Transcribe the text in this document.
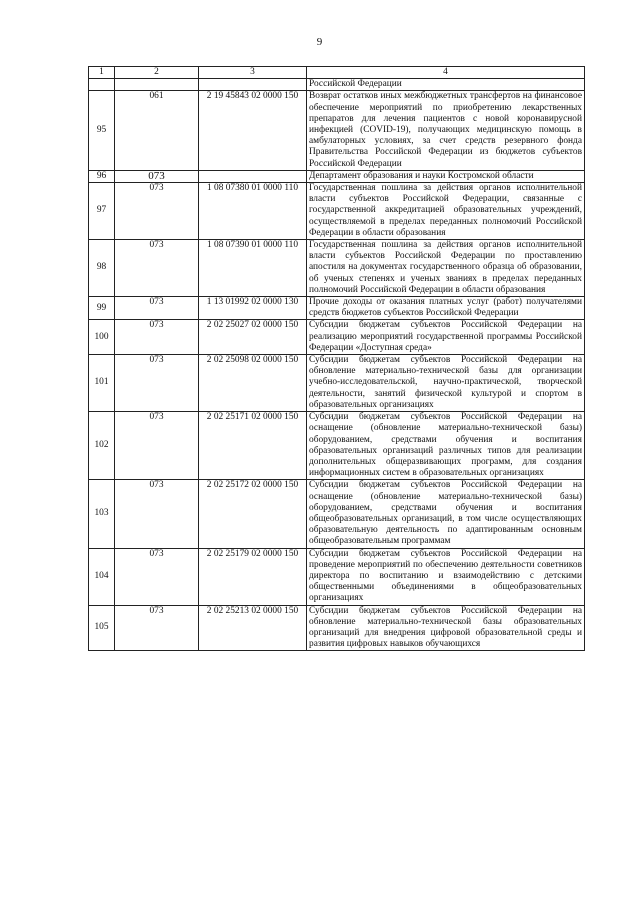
9
1	2	3	4
			Российской Федерации
95	061	2 19 45843 02 0000 150	Возврат остатков иных межбюджетных трансфертов на финансовое обеспечение мероприятий по приобретению лекарственных препаратов для лечения пациентов с новой коронавирусной инфекцией (COVID-19), получающих медицинскую помощь в амбулаторных условиях, за счет средств резервного фонда Правительства Российской Федерации из бюджетов субъектов Российской Федерации
96	073		Департамент образования и науки Костромской области
97	073	1 08 07380 01 0000 110	Государственная пошлина за действия органов исполнительной власти субъектов Российской Федерации, связанные с государственной аккредитацией образовательных учреждений, осуществляемой в пределах переданных полномочий Российской Федерации в области образования
98	073	1 08 07390 01 0000 110	Государственная пошлина за действия органов исполнительной власти субъектов Российской Федерации по проставлению апостиля на документах государственного образца об образовании, об ученых степенях и ученых званиях в пределах переданных полномочий Российской Федерации в области образования
99	073	1 13 01992 02 0000 130	Прочие доходы от оказания платных услуг (работ) получателями средств бюджетов субъектов Российской Федерации
100	073	2 02 25027 02 0000 150	Субсидии бюджетам субъектов Российской Федерации на реализацию мероприятий государственной программы Российской Федерации «Доступная среда»
101	073	2 02 25098 02 0000 150	Субсидии бюджетам субъектов Российской Федерации на обновление материально-технической базы для организации учебно-исследовательской, научно-практической, творческой деятельности, занятий физической культурой и спортом в образовательных организациях
102	073	2 02 25171 02 0000 150	Субсидии бюджетам субъектов Российской Федерации на оснащение (обновление материально-технической базы) оборудованием, средствами обучения и воспитания образовательных организаций различных типов для реализации дополнительных общеразвивающих программ, для создания информационных систем в образовательных организациях
103	073	2 02 25172 02 0000 150	Субсидии бюджетам субъектов Российской Федерации на оснащение (обновление материально-технической базы) оборудованием, средствами обучения и воспитания общеобразовательных организаций, в том числе осуществляющих образовательную деятельность по адаптированным основным общеобразовательным программам
104	073	2 02 25179 02 0000 150	Субсидии бюджетам субъектов Российской Федерации на проведение мероприятий по обеспечению деятельности советников директора по воспитанию и взаимодействию с детскими общественными объединениями в общеобразовательных организациях
105	073	2 02 25213 02 0000 150	Субсидии бюджетам субъектов Российской Федерации на обновление материально-технической базы образовательных организаций для внедрения цифровой образовательной среды и развития цифровых навыков обучающихся
